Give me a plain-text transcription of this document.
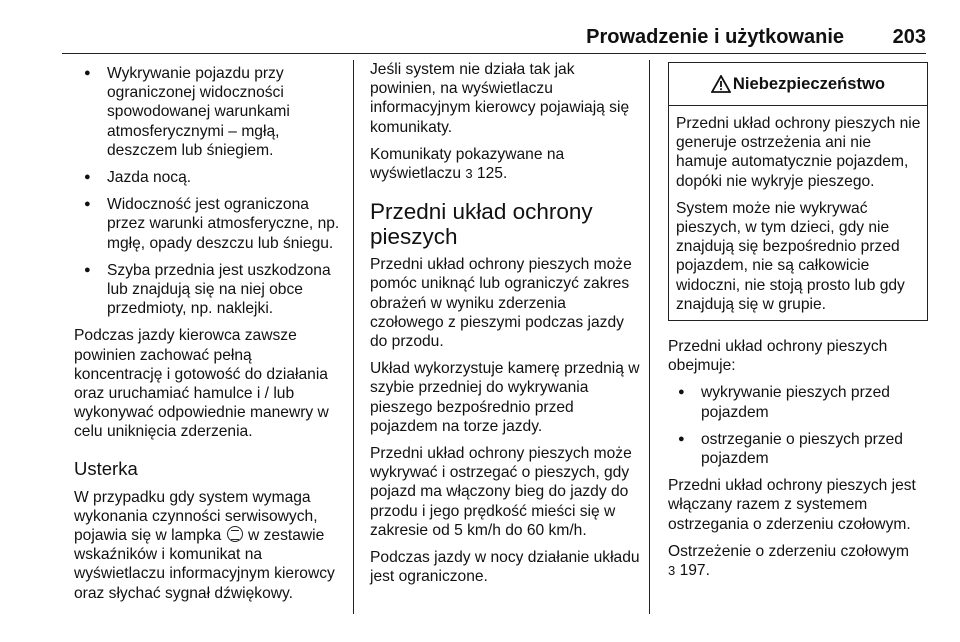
Prowadzenie i użytkowanie 203
● Wykrywanie pojazdu przy ograniczonej widoczności spowodowanej warunkami atmosferycznymi – mgłą, deszczem lub śniegiem.
● Jazda nocą.
● Widoczność jest ograniczona przez warunki atmosferyczne, np. mgłę, opady deszczu lub śniegu.
● Szyba przednia jest uszkodzona lub znajdują się na niej obce przedmioty, np. naklejki.

Podczas jazdy kierowca zawsze powinien zachować pełną koncentrację i gotowość do działania oraz uruchamiać hamulce i / lub wykonywać odpowiednie manewry w celu uniknięcia zderzenia.

Usterka

W przypadku gdy system wymaga wykonania czynności serwisowych, pojawia się w lampka w zestawie wskaźników i komunikat na wyświetlaczu informacyjnym kierowcy oraz słychać sygnał dźwiękowy.

Jeśli system nie działa tak jak powinien, na wyświetlaczu informacyjnym kierowcy pojawiają się komunikaty.

Komunikaty pokazywane na wyświetlaczu 3 125.

Przedni układ ochrony pieszych

Przedni układ ochrony pieszych może pomóc uniknąć lub ograniczyć zakres obrażeń w wyniku zderzenia czołowego z pieszymi podczas jazdy do przodu.

Układ wykorzystuje kamerę przednią w szybie przedniej do wykrywania pieszego bezpośrednio przed pojazdem na torze jazdy.

Przedni układ ochrony pieszych może wykrywać i ostrzegać o pieszych, gdy pojazd ma włączony bieg do jazdy do przodu i jego prędkość mieści się w zakresie od 5 km/h do 60 km/h.

Podczas jazdy w nocy działanie układu jest ograniczone.

Niebezpieczeństwo

Przedni układ ochrony pieszych nie generuje ostrzeżenia ani nie hamuje automatycznie pojazdem, dopóki nie wykryje pieszego.

System może nie wykrywać pieszych, w tym dzieci, gdy nie znajdują się bezpośrednio przed pojazdem, nie są całkowicie widoczni, nie stoją prosto lub gdy znajdują się w grupie.

Przedni układ ochrony pieszych obejmuje:

● wykrywanie pieszych przed pojazdem
● ostrzeganie o pieszych przed pojazdem

Przedni układ ochrony pieszych jest włączany razem z systemem ostrzegania o zderzeniu czołowym.

Ostrzeżenie o zderzeniu czołowym
3 197.
